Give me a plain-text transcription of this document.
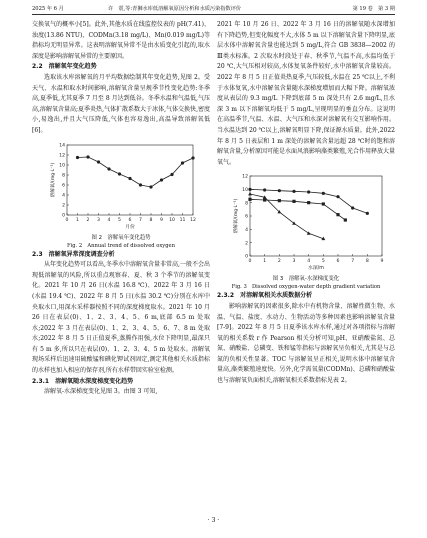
2025 年 6 月	许　震,等:青狮水库低溶解氧原因分析和水质污染指数评价	第 19 卷　第 3 期

交换氧气的概率小[5]。此外,其他水质在线监控仪表的 pH(7.41)、浊度(13.86 NTU)、CODMn(3.18 mg/L)、Mn(0.019 mg/L)等指标均无明显异常。这表明溶解氧异常不是由水质变化引起的,取水深度是影响溶解氧异常的主要原因。

2.2　溶解氧年变化趋势

选取该水库溶解氧的月平均数据绘制其年变化趋势,见图 2。受天气、水温和取水时间影响,溶解氧含量呈规季节性变化趋势:冬季高,夏季低,尤其夏季 7 月至 8 月达到低谷。冬季水温和气温低,气压高,溶解氧含量高;夏季炎热,气体扩散系数大于冰体,气体交换快,密度小,易逸出,并且大气压降低,气体也容易逸出,高温导致溶解氧低[6]。

0 1 2 3 4 5 6 7 8 9 10 11 12
0
2
4
6
8
10
12
14
月份
溶解氧/(mg·L⁻¹)
图 2　溶解氧年变化趋势
Fig. 2　Annual trend of dissolved oxygen
2.3　溶解氧异常深度调查分析

从年变化趋势可以看出,冬季水中溶解氧含量非常高,一般不会出现低溶解氧的风险,所以重点观察春、夏、秋 3 个季节的溶解氧变化。2021 年 10 月 26 日(水温 16.8 ℃)、2022 年 3 月 16 日(水温 19.4 ℃)、2022 年 8 月 5 日(水温 30.2 ℃)分别在水库中央取水口,用深水采样器按照不同的深度梯度取水。2021 年 10 月 26 日在表层(0)、1、2、3、4、5、6 m,底部 6.5 m 处取水;2022 年 3 月在表层(0)、1、2、3、4、5、6、7、8 m 处取水;2022 年 8 月 5 日正值夏季,蒸腾作用强,水位下降明显,最深只有 5 m 多,所以只在表层(0)、1、2、3、4、5 m 处取水。溶解氧现场采样后迅速用硫酸锰和碘化钾试剂固定,测定其他相关水质指标的水样也加入相应的保存剂,所有水样带回实验室检测。

2.3.1　溶解氧随水深度梯度变化趋势

溶解氧-水深梯度变化见图 3。由图 3 可知,

2021 年 10 月 26 日、2022 年 3 月 16 日的溶解氧随水深增加有下降趋势,但变化幅度不大,水体 5 m 以下溶解氧含量下降明显,底层水体中溶解氧含量也能达到 5 mg/L,符合 GB 3838—2002 的Ⅲ类水标准。2 次取水时段处于春、秋季节,气温不高,水温均低于 20 ℃,大气压相对较高,水体复氧条件较好,水中溶解氧含量较高。2022 年 8 月 5 日正值炎热夏季,气压较低,水温在 25 ℃以上,不利于水体复氧,水中溶解氧含量随水深梯度增加而大幅下降。溶解氧浓度从表层的 9.3 mg/L 下降到底部 5 m 深处只有 2.6 mg/L,且水深 3 m 以下溶解氧均低于 5 mg/L,呈现明显的垂直分布。这说明在高温季节,气温、水温、大气压和水深对溶解氧有交互影响作用。当水温达到 20 ℃以上,溶解氧明显下降,保证源水质量。此外,2022 年 8 月 5 日表层和 1 m 深处的溶解氧含量远超 28 ℃时的饱和溶解氧含量,分析原因可能是水面风浪影响藻类繁殖,光合作用释放大量氧气。

0	1	2	3	4	5	6	7	8	9
0
2
4
6
8
10
12
水深/m
溶解氧/(mg·L⁻¹)
图 3　溶解氧-水深梯度变化
Fig. 3　Dissolved oxygen-water depth gradient variation
2.3.2　对溶解氧相关水质数据分析

影响溶解氧的因素很多,除水中有机物含量、溶解性微生物、水温、气温、盐度、水动力、生物活动等多种因素也影响溶解氧含量[7-9]。2022 年 8 月 5 日夏季该水库水样,通过对各项指标与溶解氧的相关系数 r 作 Pearson 相关分析可知,pH、亚硝酸盐氮、总氮、硝酸盐、总磷变、铁和锰等指标与溶解氧呈负相关,尤其是与总氮的负相关性显著。TOC 与溶解氧呈正相关,说明水体中溶解氧含量高,藻类繁殖速度快。另外,化学需氧量(CODMn)、总磷和硝酸盐也与溶解氧负面相关,溶解氧相关系数指标见表 2。

· 3 ·
